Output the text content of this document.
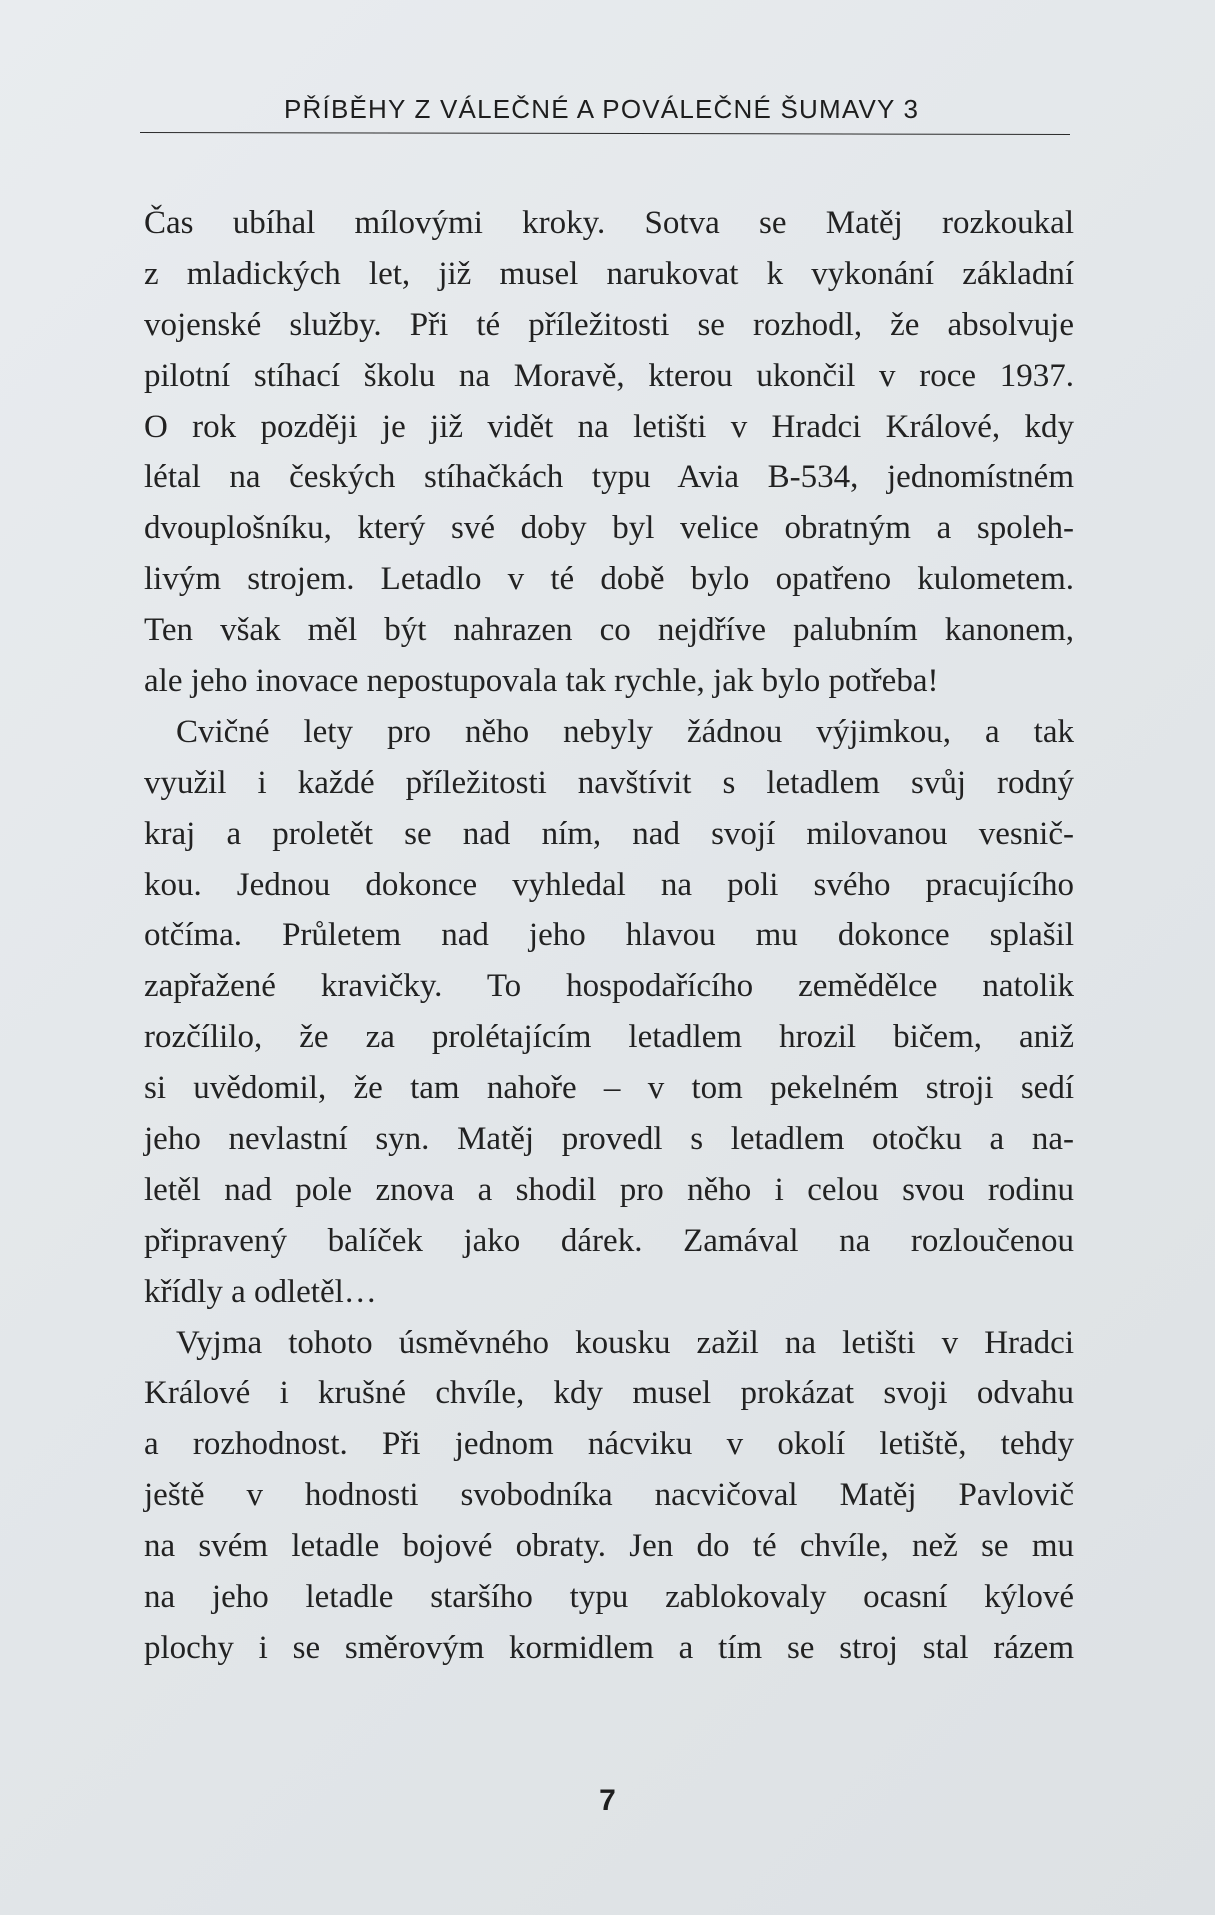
PŘÍBĚHY Z VÁLEČNÉ A POVÁLEČNÉ ŠUMAVY 3
Čas ubíhal mílovými kroky. Sotva se Matěj rozkoukal
z mladických let, již musel narukovat k vykonání základní
vojenské služby. Při té příležitosti se rozhodl, že absolvuje
pilotní stíhací školu na Moravě, kterou ukončil v roce 1937.
O rok později je již vidět na letišti v Hradci Králové, kdy
létal na českých stíhačkách typu Avia B-534, jednomístném
dvouplošníku, který své doby byl velice obratným a spoleh-
livým strojem. Letadlo v té době bylo opatřeno kulometem.
Ten však měl být nahrazen co nejdříve palubním kanonem,
ale jeho inovace nepostupovala tak rychle, jak bylo potřeba!
Cvičné lety pro něho nebyly žádnou výjimkou, a tak
využil i každé příležitosti navštívit s letadlem svůj rodný
kraj a proletět se nad ním, nad svojí milovanou vesnič-
kou. Jednou dokonce vyhledal na poli svého pracujícího
otčíma. Průletem nad jeho hlavou mu dokonce splašil
zapřažené kravičky. To hospodařícího zemědělce natolik
rozčílilo, že za prolétajícím letadlem hrozil bičem, aniž
si uvědomil, že tam nahoře – v tom pekelném stroji sedí
jeho nevlastní syn. Matěj provedl s letadlem otočku a na-
letěl nad pole znova a shodil pro něho i celou svou rodinu
připravený balíček jako dárek. Zamával na rozloučenou
křídly a odletěl…
Vyjma tohoto úsměvného kousku zažil na letišti v Hradci
Králové i krušné chvíle, kdy musel prokázat svoji odvahu
a rozhodnost. Při jednom nácviku v okolí letiště, tehdy
ještě v hodnosti svobodníka nacvičoval Matěj Pavlovič
na svém letadle bojové obraty. Jen do té chvíle, než se mu
na jeho letadle staršího typu zablokovaly ocasní kýlové
plochy i se směrovým kormidlem a tím se stroj stal rázem
7
